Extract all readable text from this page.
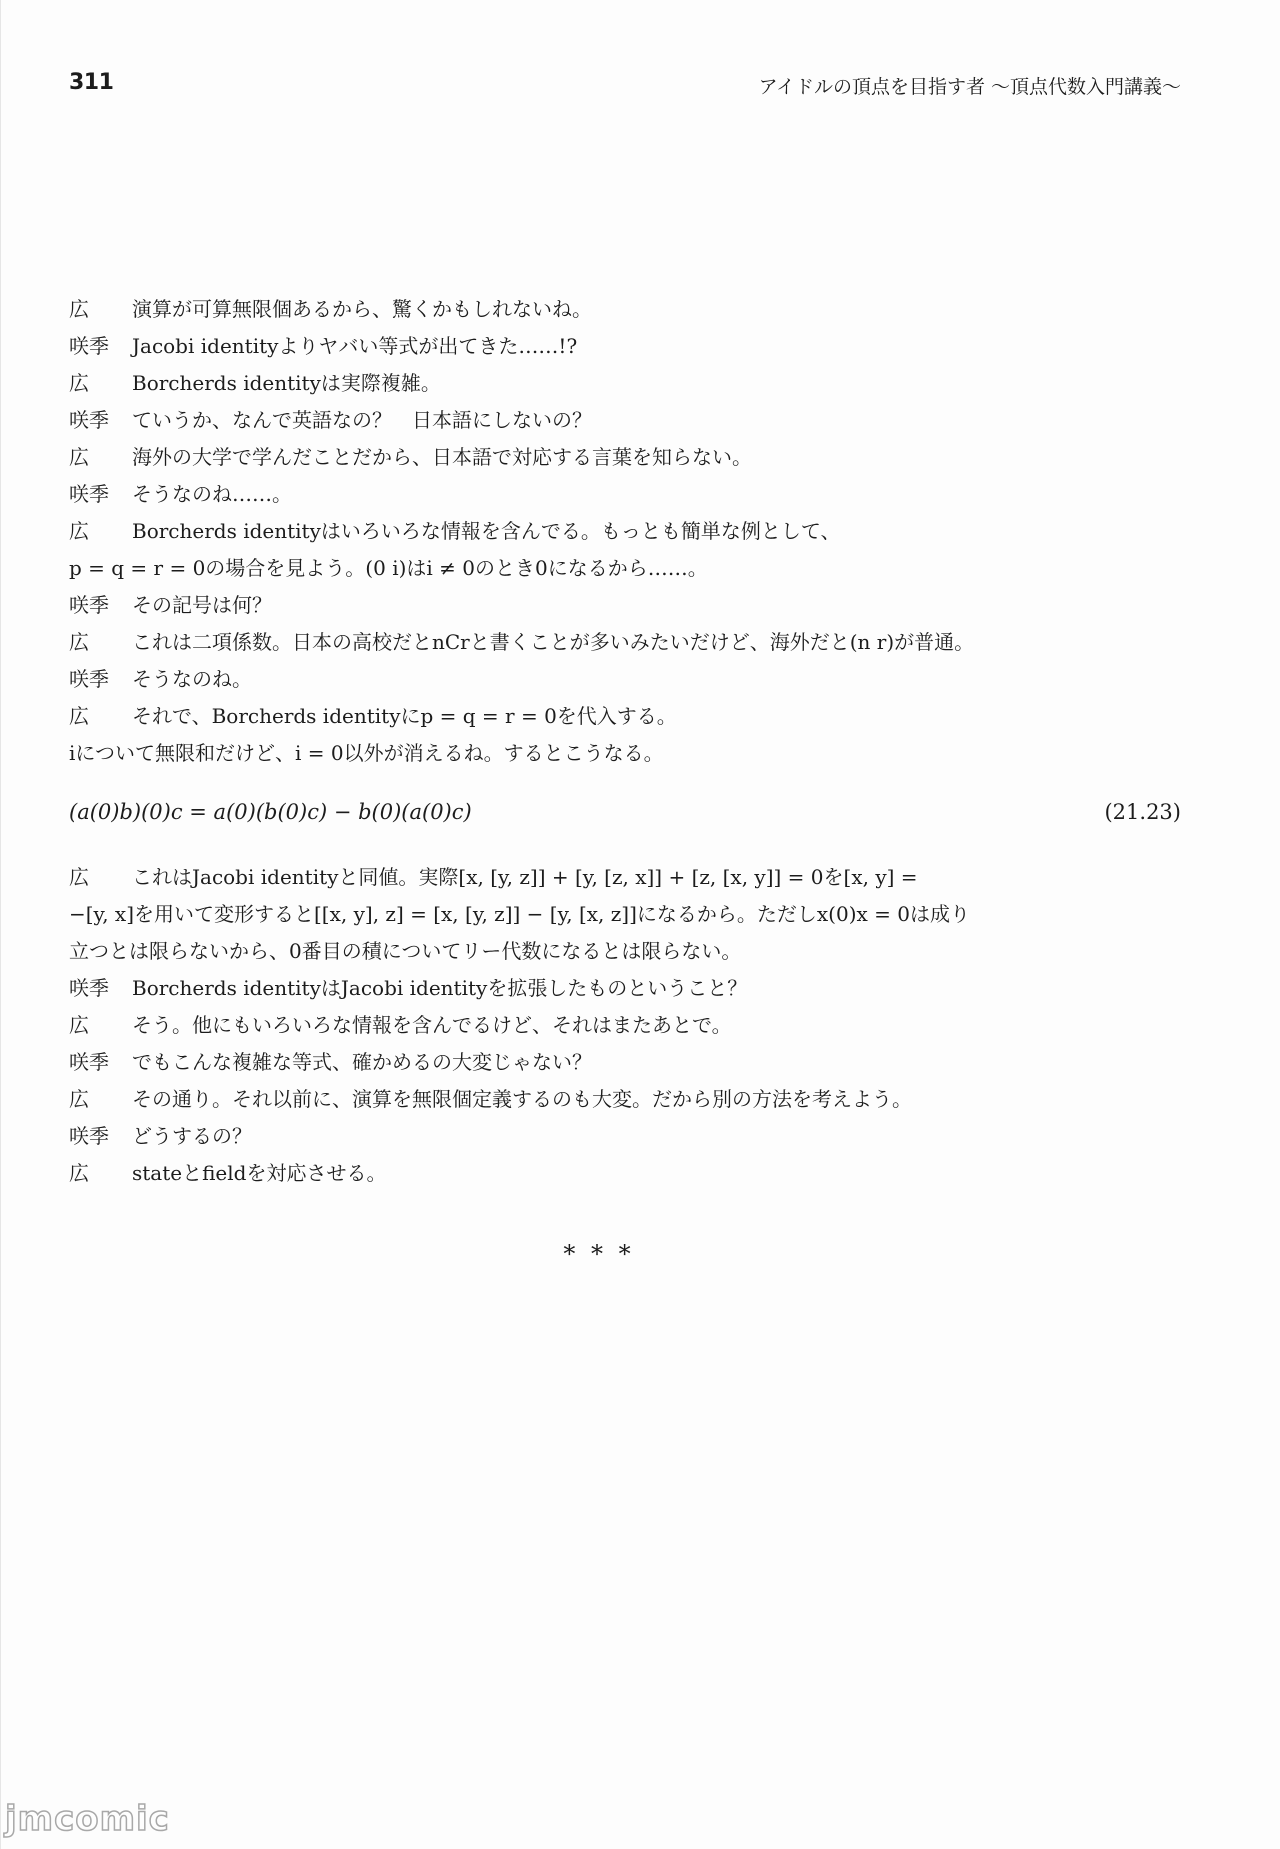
311	アイドルの頂点を目指す者 〜頂点代数入門講義〜
広	演算が可算無限個あるから、驚くかもしれないね。
咲季	Jacobi identityよりヤバい等式が出てきた……!?
広	Borcherds identityは実際複雑。
咲季	ていうか、なんで英語なの？　日本語にしないの？
広	海外の大学で学んだことだから、日本語で対応する言葉を知らない。
咲季	そうなのね……。
広	Borcherds identityはいろいろな情報を含んでる。もっとも簡単な例として、
p = q = r = 0の場合を見よう。(0 i)はi ≠ 0のとき0になるから……。
咲季	その記号は何？
広	これは二項係数。日本の高校だとnCrと書くことが多いみたいだけど、海外だと(n r)が普通。
咲季	そうなのね。
広	それで、Borcherds identityにp = q = r = 0を代入する。
iについて無限和だけど、i = 0以外が消えるね。するとこうなる。
(a(0)b)(0)c = a(0)(b(0)c) − b(0)(a(0)c)	(21.23)
広	これはJacobi identityと同値。実際[x, [y, z]] + [y, [z, x]] + [z, [x, y]] = 0を[x, y] =
−[y, x]を用いて変形すると[[x, y], z] = [x, [y, z]] − [y, [x, z]]になるから。ただしx(0)x = 0は成り
立つとは限らないから、0番目の積についてリー代数になるとは限らない。
咲季	Borcherds identityはJacobi identityを拡張したものということ？
広	そう。他にもいろいろな情報を含んでるけど、それはまたあとで。
咲季	でもこんな複雑な等式、確かめるの大変じゃない？
広	その通り。それ以前に、演算を無限個定義するのも大変。だから別の方法を考えよう。
咲季	どうするの？
広	stateとfieldを対応させる。
* * *
jmcomic
